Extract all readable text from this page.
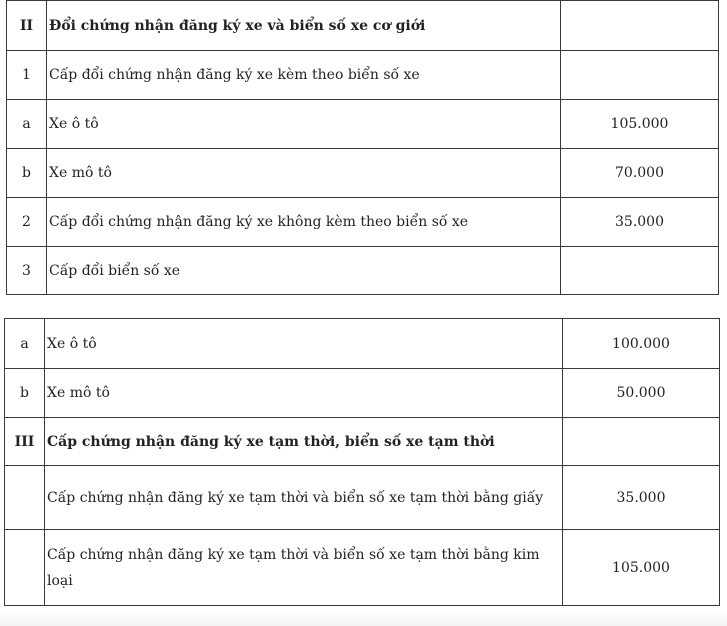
II	Đổi chứng nhận đăng ký xe và biển số xe cơ giới	
1	Cấp đổi chứng nhận đăng ký xe kèm theo biển số xe	
a	Xe ô tô	105.000
b	Xe mô tô	70.000
2	Cấp đổi chứng nhận đăng ký xe không kèm theo biển số xe	35.000
3	Cấp đổi biển số xe	
a	Xe ô tô	100.000
b	Xe mô tô	50.000
III	Cấp chứng nhận đăng ký xe tạm thời, biển số xe tạm thời	
	Cấp chứng nhận đăng ký xe tạm thời và biển số xe tạm thời bằng giấy	35.000
	Cấp chứng nhận đăng ký xe tạm thời và biển số xe tạm thời bằng kim loại	105.000
